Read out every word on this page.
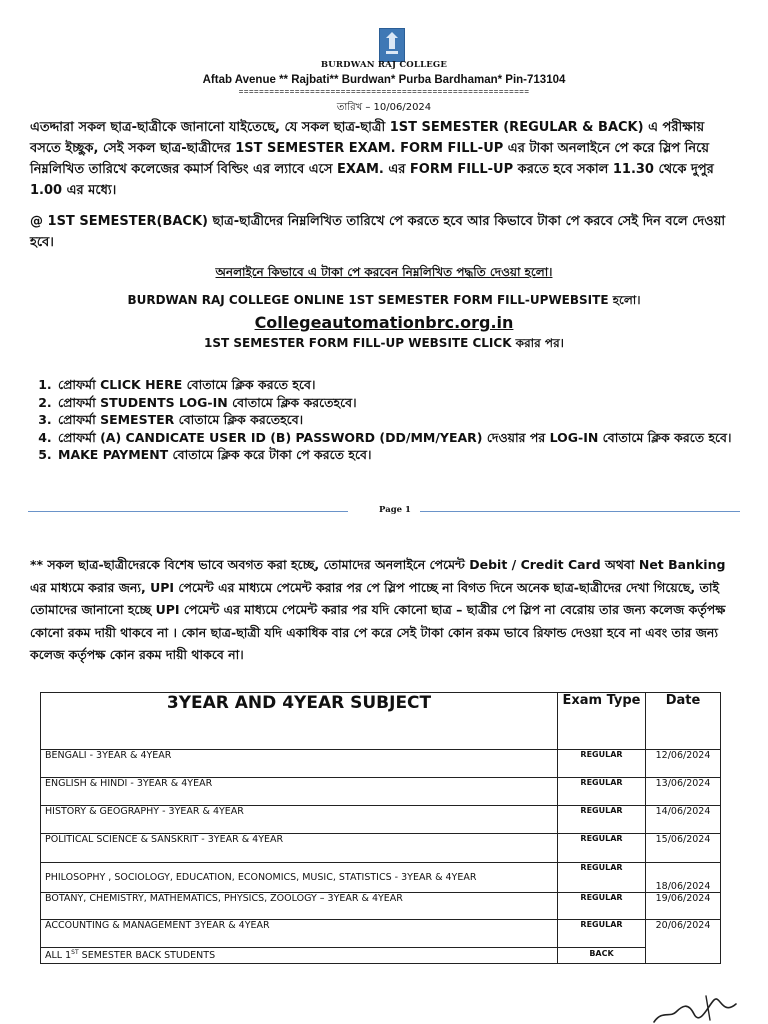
BURDWAN RAJ COLLEGE
Aftab Avenue ** Rajbati** Burdwan* Purba Bardhaman* Pin-713104
=========================================================
তারিখ – 10/06/2024
এতদ্দারা সকল ছাত্র-ছাত্রীকে জানানো যাইতেছে, যে সকল ছাত্র-ছাত্রী 1ST SEMESTER (REGULAR & BACK) এ পরীক্ষায় বসতে ইচ্ছুক, সেই সকল ছাত্র-ছাত্রীদের 1ST SEMESTER EXAM. FORM FILL-UP এর টাকা অনলাইনে পে করে স্লিপ নিয়ে নিম্নলিখিত তারিখে কলেজের কমার্স বিল্ডিং এর ল্যাবে এসে EXAM. এর FORM FILL-UP করতে হবে সকাল 11.30 থেকে দুপুর 1.00 এর মধ্যে।
@ 1ST SEMESTER(BACK) ছাত্র-ছাত্রীদের নিম্নলিখিত তারিখে পে করতে হবে আর কিভাবে টাকা পে করবে সেই দিন বলে দেওয়া হবে।
অনলাইনে কিভাবে এ টাকা পে করবেন নিম্নলিখিত পদ্ধতি দেওয়া হলো।
BURDWAN RAJ COLLEGE ONLINE 1ST SEMESTER FORM FILL-UPWEBSITE হলো।
Collegeautomationbrc.org.in
1ST SEMESTER FORM FILL-UP WEBSITE CLICK করার পর।
1. প্রোফর্মা CLICK HERE বোতামে ক্লিক করতে হবে।
2. প্রোফর্মা STUDENTS LOG-IN বোতামে ক্লিক করতেহবে।
3. প্রোফর্মা SEMESTER বোতামে ক্লিক করতেহবে।
4. প্রোফর্মা (A) CANDICATE USER ID (B) PASSWORD (DD/MM/YEAR) দেওয়ার পর LOG-IN বোতামে ক্লিক করতে হবে।
5. MAKE PAYMENT বোতামে ক্লিক করে টাকা পে করতে হবে।
Page 1
** সকল ছাত্র-ছাত্রীদেরকে বিশেষ ভাবে অবগত করা হচ্ছে, তোমাদের অনলাইনে পেমেন্ট Debit / Credit Card অথবা Net Banking এর মাধ্যমে করার জন্য, UPI পেমেন্ট এর মাধ্যমে পেমেন্ট করার পর পে স্লিপ পাচ্ছে না বিগত দিনে অনেক ছাত্র-ছাত্রীদের দেখা গিয়েছে, তাই তোমাদের জানানো হচ্ছে UPI পেমেন্ট এর মাধ্যমে পেমেন্ট করার পর যদি কোনো ছাত্র – ছাত্রীর পে স্লিপ না বেরোয় তার জন্য কলেজ কর্তৃপক্ষ কোনো রকম দায়ী থাকবে না । কোন ছাত্র-ছাত্রী যদি একাধিক বার পে করে সেই টাকা কোন রকম ভাবে রিফান্ড দেওয়া হবে না এবং তার জন্য কলেজ কর্তৃপক্ষ কোন রকম দায়ী থাকবে না।
3YEAR AND 4YEAR SUBJECT	Exam Type	Date
BENGALI - 3YEAR & 4YEAR	REGULAR	12/06/2024
ENGLISH & HINDI - 3YEAR & 4YEAR	REGULAR	13/06/2024
HISTORY & GEOGRAPHY - 3YEAR & 4YEAR	REGULAR	14/06/2024
POLITICAL SCIENCE & SANSKRIT - 3YEAR & 4YEAR	REGULAR	15/06/2024
PHILOSOPHY , SOCIOLOGY, EDUCATION, ECONOMICS, MUSIC, STATISTICS - 3YEAR & 4YEAR	REGULAR	18/06/2024
BOTANY, CHEMISTRY, MATHEMATICS, PHYSICS, ZOOLOGY – 3YEAR & 4YEAR	REGULAR	19/06/2024
ACCOUNTING & MANAGEMENT 3YEAR & 4YEAR	REGULAR	20/06/2024
ALL 1ST SEMESTER BACK STUDENTS	BACK	
